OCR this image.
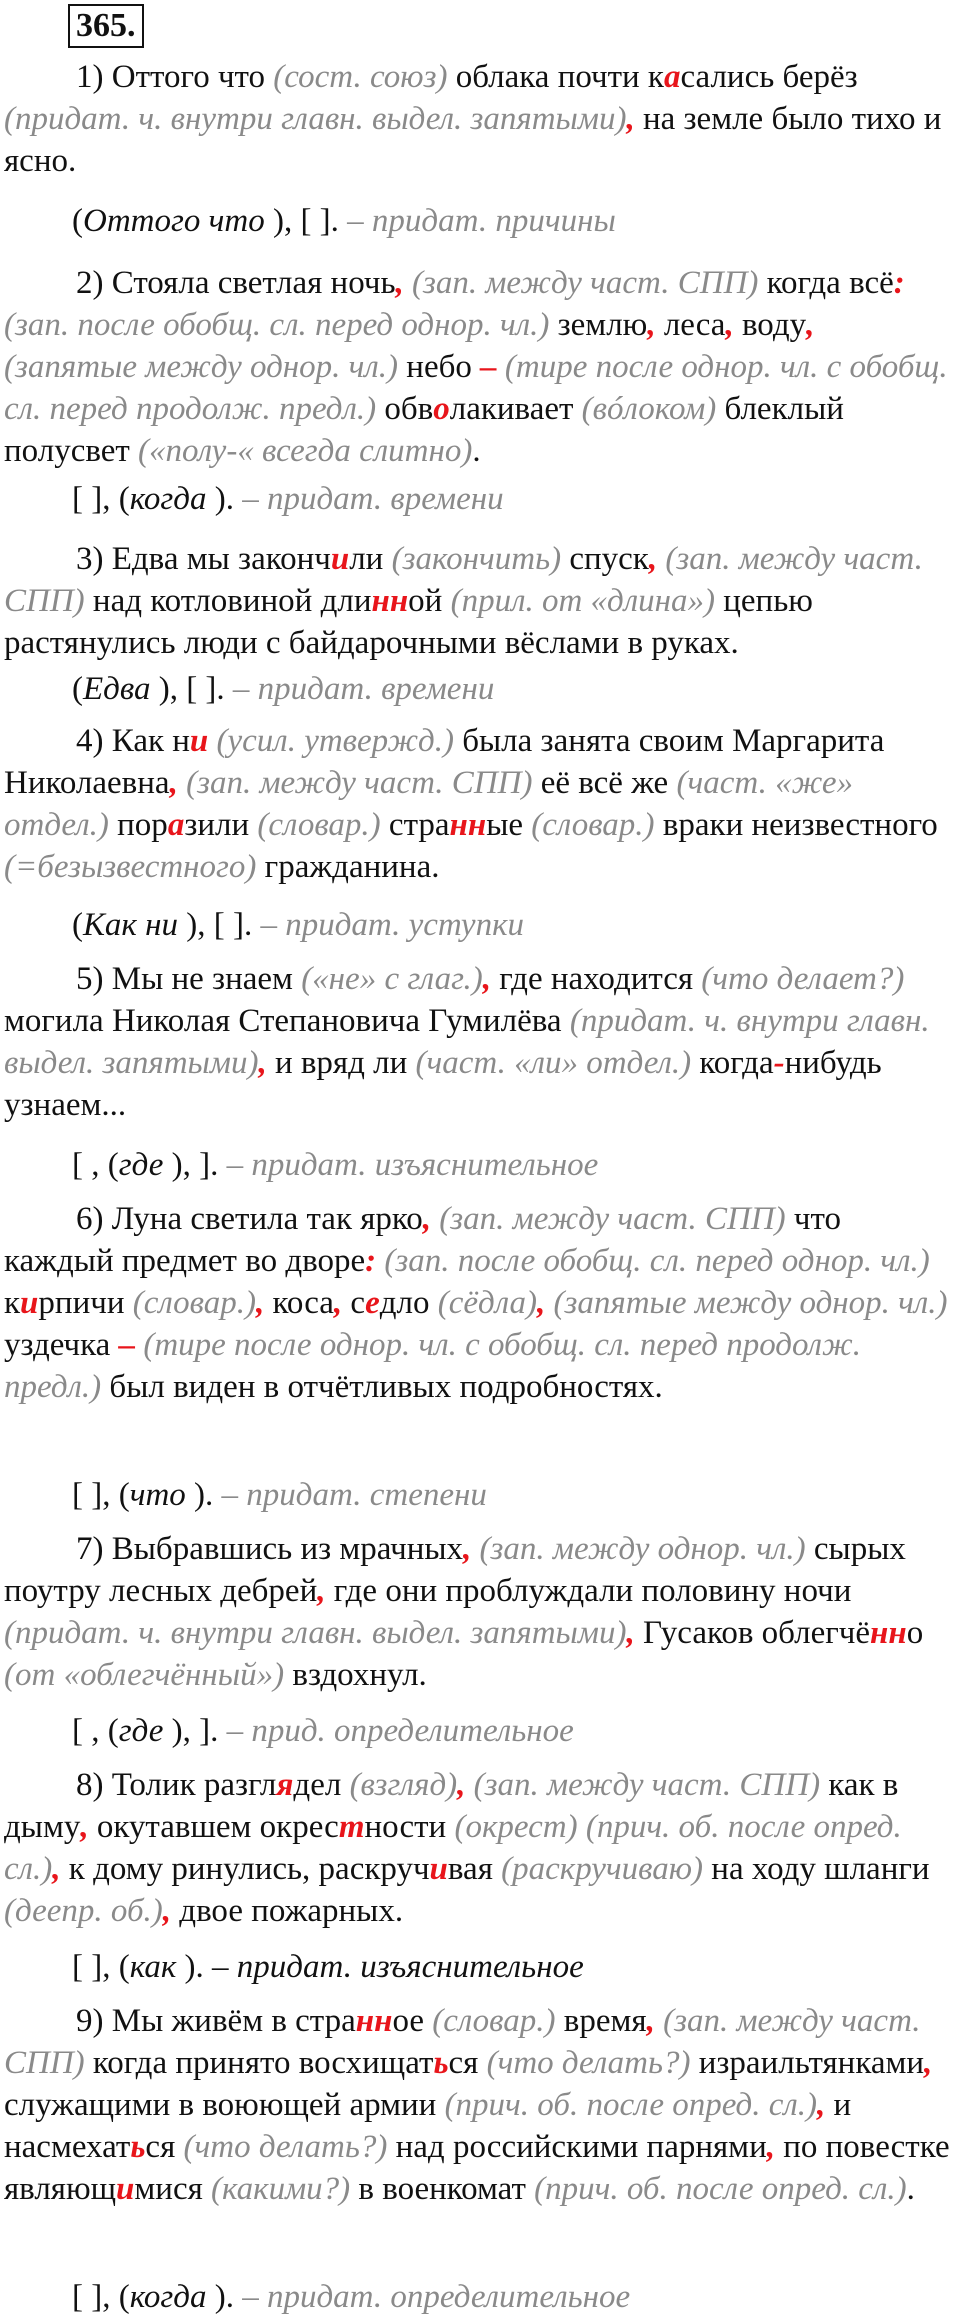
365.

1) Оттого что (сост. союз) облака почти касались берёз (придат. ч. внутри главн. выдел. запятыми), на земле было тихо и ясно.

2) Стояла светлая ночь, (зап. между част. СПП) когда всё: (зап. после обобщ. сл. перед однор. чл.) землю, леса, воду, (запятые между однор. чл.) небо – (тире после однор. чл. с обобщ. сл. перед продолж. предл.) обволакивает (вóлоком) блеклый полусвет («полу-« всегда слитно).

3) Едва мы закончили (закончить) спуск, (зап. между част. СПП) над котловиной длинной (прил. от «длина») цепью растянулись люди с байдарочными вёслами в руках.

4) Как ни (усил. утвержд.) была занята своим Маргарита Николаевна, (зап. между част. СПП) её всё же (част. «же» отдел.) поразили (словар.) странные (словар.) враки неизвестного (=безызвестного) гражданина.

5) Мы не знаем («не» с глаг.), где находится (что делает?) могила Николая Степановича Гумилёва (придат. ч. внутри главн. выдел. запятыми), и вряд ли (част. «ли» отдел.) когда-нибудь узнаем...

6) Луна светила так ярко, (зап. между част. СПП) что каждый предмет во дворе: (зап. после обобщ. сл. перед однор. чл.) кирпичи (словар.), коса, седло (сёдла), (запятые между однор. чл.) уздечка – (тире после однор. чл. с обобщ. сл. перед продолж. предл.) был виден в отчётливых подробностях.

7) Выбравшись из мрачных, (зап. между однор. чл.) сырых поутру лесных дебрей, где они проблуждали половину ночи (придат. ч. внутри главн. выдел. запятыми), Гусаков облегчённо (от «облегчённый») вздохнул.

8) Толик разглядел (взгляд), (зап. между част. СПП) как в дыму, окутавшем окрестности (окрест) (прич. об. после опред. сл.), к дому ринулись, раскручивая (раскручиваю) на ходу шланги (деепр. об.), двое пожарных.

9) Мы живём в странное (словар.) время, (зап. между част. СПП) когда принято восхищаться (что делать?) израильтянками, служащими в воюющей армии (прич. об. после опред. сл.), и насмехаться (что делать?) над российскими парнями, по повестке являющимися (какими?) в военкомат (прич. об. после опред. сл.).

(Оттого что ), [ ]. – придат. причины

[ ], (когда ). – придат. времени

(Едва ), [ ]. – придат. времени

(Как ни ), [ ]. – придат. уступки

[ , (где ), ]. – придат. изъяснительное

[ ], (что ). – придат. степени

[ , (где ), ]. – прид. определительное

[ ], (как ). – придат. изъяснительное

[ ], (когда ). – придат. определительное
